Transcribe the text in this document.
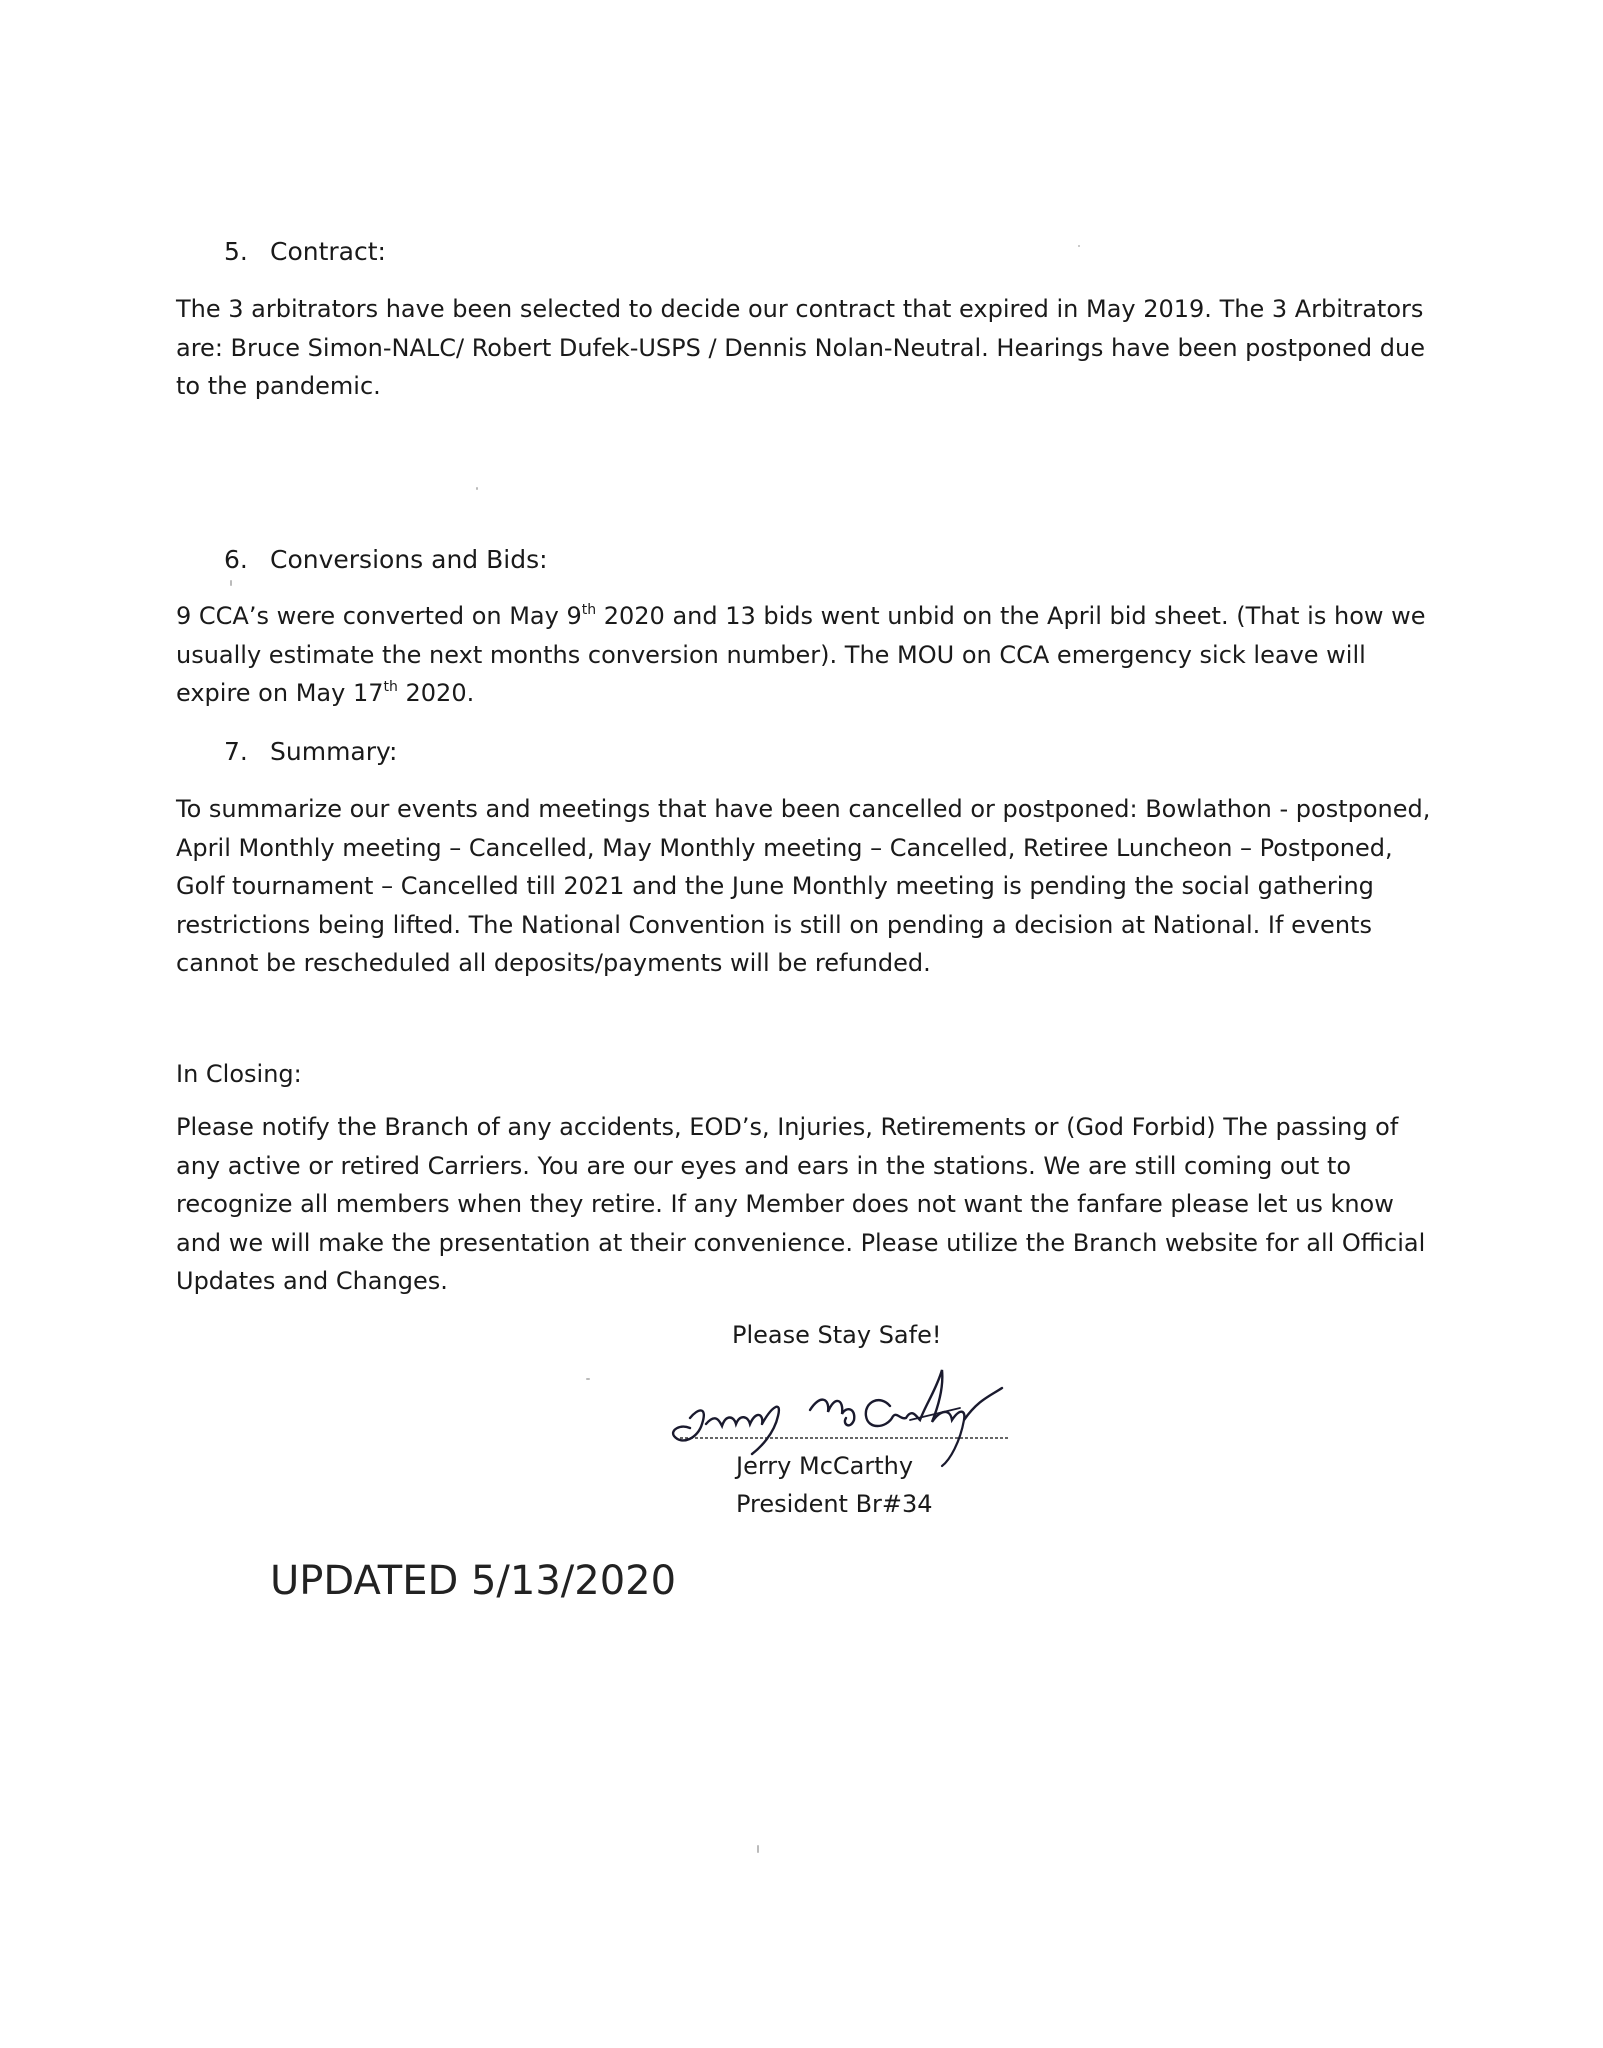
5. Contract:
The 3 arbitrators have been selected to decide our contract that expired in May 2019. The 3 Arbitrators
are: Bruce Simon-NALC/ Robert Dufek-USPS / Dennis Nolan-Neutral. Hearings have been postponed due
to the pandemic.
6. Conversions and Bids:
9 CCA’s were converted on May 9th 2020 and 13 bids went unbid on the April bid sheet. (That is how we
usually estimate the next months conversion number). The MOU on CCA emergency sick leave will
expire on May 17th 2020.
7. Summary:
To summarize our events and meetings that have been cancelled or postponed: Bowlathon - postponed,
April Monthly meeting – Cancelled, May Monthly meeting – Cancelled, Retiree Luncheon – Postponed,
Golf tournament – Cancelled till 2021 and the June Monthly meeting is pending the social gathering
restrictions being lifted. The National Convention is still on pending a decision at National. If events
cannot be rescheduled all deposits/payments will be refunded.
In Closing:
Please notify the Branch of any accidents, EOD’s, Injuries, Retirements or (God Forbid) The passing of
any active or retired Carriers. You are our eyes and ears in the stations. We are still coming out to
recognize all members when they retire. If any Member does not want the fanfare please let us know
and we will make the presentation at their convenience. Please utilize the Branch website for all Official
Updates and Changes.
Please Stay Safe!
Jerry McCarthy
President Br#34
UPDATED 5/13/2020
